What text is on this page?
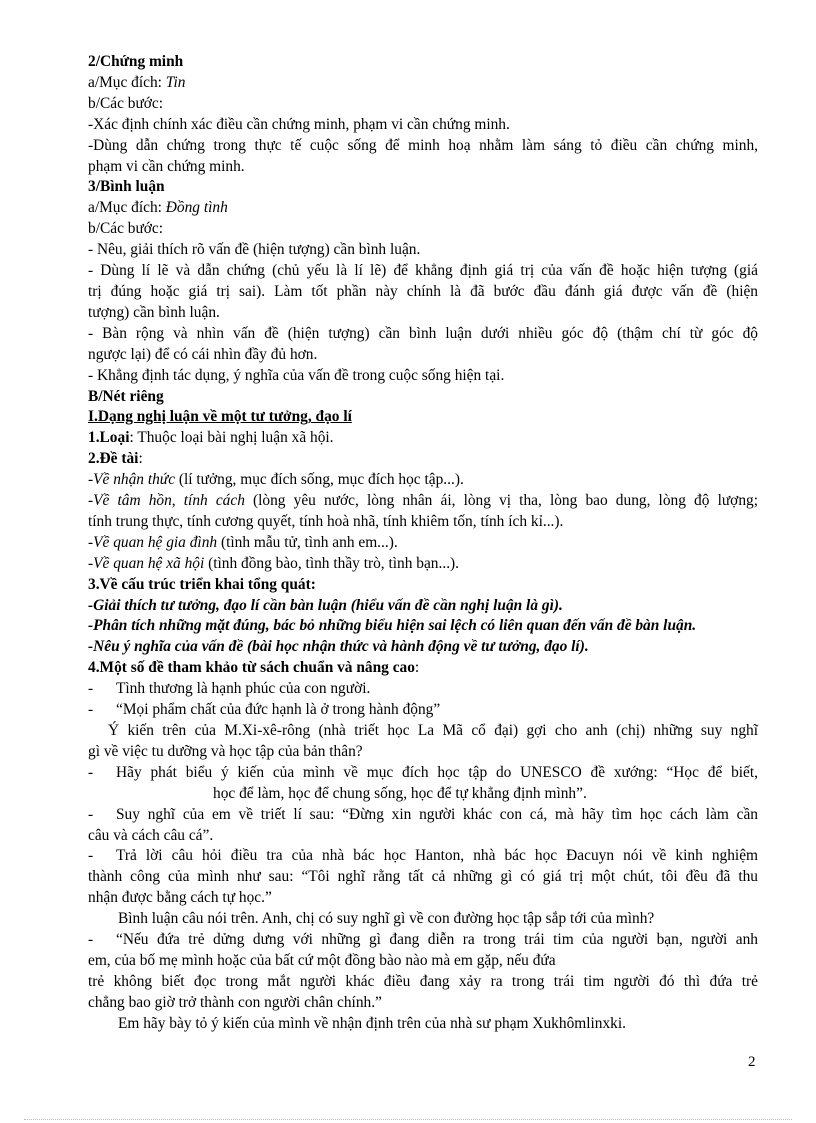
2/Chứng minh

a/Mục đích: Tin

b/Các bước:

-Xác định chính xác điều cần chứng minh, phạm vi cần chứng minh.

-Dùng dẫn chứng trong thực tế cuộc sống để minh hoạ nhằm làm sáng tỏ điều cần chứng minh,

phạm vi cần chứng minh.

3/Bình luận

a/Mục đích: Đồng tình

b/Các bước:

- Nêu, giải thích rõ vấn đề (hiện tượng) cần bình luận.

- Dùng lí lẽ và dẫn chứng (chủ yếu là lí lẽ) để khẳng định giá trị của vấn đề hoặc hiện tượng (giá

trị đúng hoặc giá trị sai). Làm tốt phần này chính là đã bước đầu đánh giá được vấn đề (hiện

tượng) cần bình luận.

- Bàn rộng và nhìn vấn đề (hiện tượng) cần bình luận dưới nhiều góc độ (thậm chí từ góc độ

ngược lại) để có cái nhìn đầy đủ hơn.

- Khẳng định tác dụng, ý nghĩa của vấn đề trong cuộc sống hiện tại.

B/Nét riêng

I.Dạng nghị luận về một tư tưởng, đạo lí

1.Loại: Thuộc loại bài nghị luận xã hội.

2.Đề tài:

-Về nhận thức (lí tưởng, mục đích sống, mục đích học tập...).

-Về tâm hồn, tính cách (lòng yêu nước, lòng nhân ái, lòng vị tha, lòng bao dung, lòng độ lượng;

tính trung thực, tính cương quyết, tính hoà nhã, tính khiêm tốn, tính ích kỉ...).

-Về quan hệ gia đình (tình mẫu tử, tình anh em...).

-Về quan hệ xã hội (tình đồng bào, tình thầy trò, tình bạn...).

3.Về cấu trúc triển khai tổng quát:

-Giải thích tư tưởng, đạo lí cần bàn luận (hiểu vấn đề cần nghị luận là gì).

-Phân tích những mặt đúng, bác bỏ những biểu hiện sai lệch có liên quan đến vấn đề bàn luận.

-Nêu ý nghĩa của vấn đề (bài học nhận thức và hành động về tư tưởng, đạo lí).

4.Một số đề tham khảo từ sách chuẩn và nâng cao:

- Tình thương là hạnh phúc của con người.

- “Mọi phẩm chất của đức hạnh là ở trong hành động”

Ý kiến trên của M.Xi-xê-rông (nhà triết học La Mã cổ đại) gợi cho anh (chị) những suy nghĩ

gì về việc tu dưỡng và học tập của bản thân?

- Hãy phát biểu ý kiến của mình về mục đích học tập do UNESCO đề xướng: “Học để biết,

học để làm, học để chung sống, học để tự khẳng định mình”.

- Suy nghĩ của em về triết lí sau: “Đừng xin người khác con cá, mà hãy tìm học cách làm cần

câu và cách câu cá”.

- Trả lời câu hỏi điều tra của nhà bác học Hanton, nhà bác học Đacuyn nói về kinh nghiệm

thành công của mình như sau: “Tôi nghĩ rằng tất cả những gì có giá trị một chút, tôi đều đã thu

nhận được bằng cách tự học.”

Bình luận câu nói trên. Anh, chị có suy nghĩ gì về con đường học tập sắp tới của mình?

- “Nếu đứa trẻ dửng dưng với những gì đang diễn ra trong trái tim của người bạn, người anh

em, của bố mẹ mình hoặc của bất cứ một đồng bào nào mà em gặp, nếu đứa

trẻ không biết đọc trong mắt người khác điều đang xảy ra trong trái tim người đó thì đứa trẻ

chẳng bao giờ trở thành con người chân chính.”

Em hãy bày tỏ ý kiến của mình về nhận định trên của nhà sư phạm Xukhômlinxki.

2
